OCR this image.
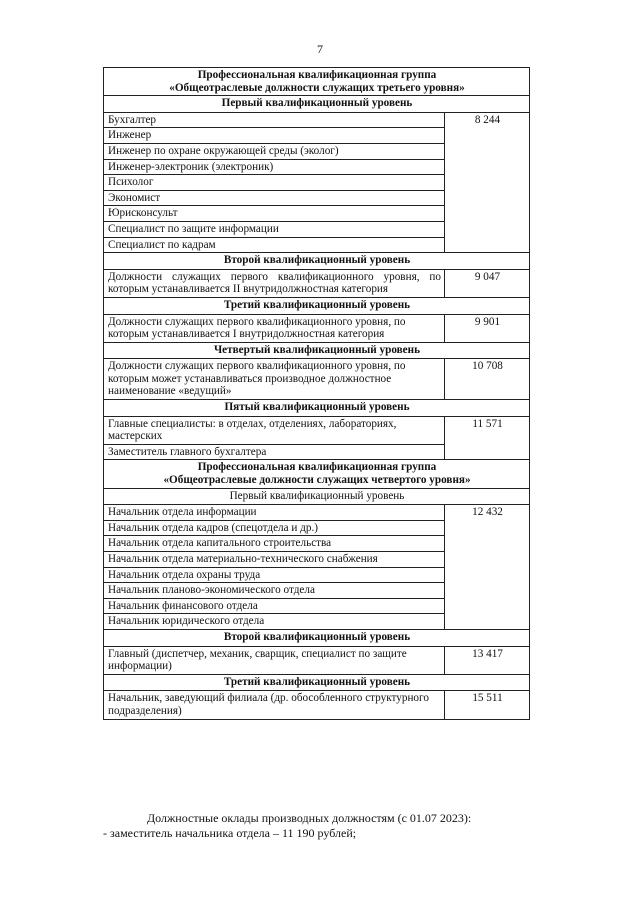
7
Профессиональная квалификационная группа
«Общеотраслевые должности служащих третьего уровня»	

Первый квалификационный уровень	
Бухгалтер	8 244
Инженер	
Инженер по охране окружающей среды (эколог)	
Инженер-электроник (электроник)	
Психолог	
Экономист	
Юрисконсульт	
Специалист по защите информации	
Специалист по кадрам	
Второй квалификационный уровень	
Должности служащих первого квалификационного уровня, по которым устанавливается II внутридолжностная категория	9 047
Третий квалификационный уровень	
Должности служащих первого квалификационного уровня, по которым устанавливается I внутридолжностная категория	9 901
Четвертый квалификационный уровень	
Должности служащих первого квалификационного уровня, по которым может устанавливаться производное должностное наименование «ведущий»	10 708
Пятый квалификационный уровень	
Главные специалисты: в отделах, отделениях, лабораториях, мастерских	11 571
Заместитель главного бухгалтера	

Профессиональная квалификационная группа
«Общеотраслевые должности служащих четвертого уровня»	

Первый квалификационный уровень	
Начальник отдела информации	12 432
Начальник отдела кадров (спецотдела и др.)	
Начальник отдела капитального строительства	
Начальник отдела материально-технического снабжения	
Начальник отдела охраны труда	
Начальник планово-экономического отдела	
Начальник финансового отдела	
Начальник юридического отдела	
Второй квалификационный уровень	
Главный (диспетчер, механик, сварщик, специалист по защите информации)	13 417
Третий квалификационный уровень	
Начальник, заведующий филиала (др. обособленного структурного подразделения)	15 511

Должностные оклады производных должностям (с 01.07 2023):

- заместитель начальника отдела – 11 190 рублей;
